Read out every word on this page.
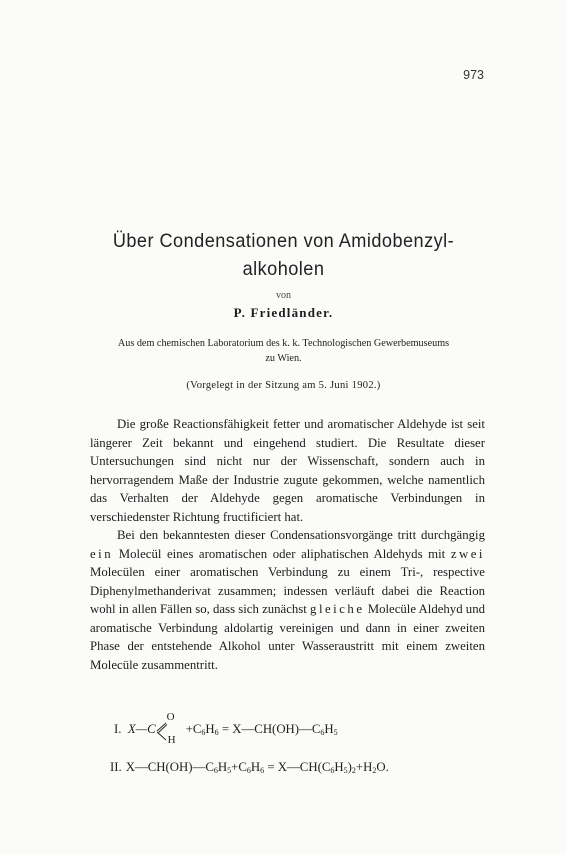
973
Über Condensationen von Amidobenzyl-
alkoholen
von
P. Friedländer.
Aus dem chemischen Laboratorium des k. k. Technologischen Gewerbemuseums
zu Wien.
(Vorgelegt in der Sitzung am 5. Juni 1902.)

Die große Reactionsfähigkeit fetter und aromatischer Aldehyde ist seit längerer Zeit bekannt und eingehend studiert. Die Resultate dieser Untersuchungen sind nicht nur der Wissenschaft, sondern auch in hervorragendem Maße der Industrie zugute gekommen, welche namentlich das Verhalten der Aldehyde gegen aromatische Verbindungen in verschiedenster Richtung fructificiert hat.

Bei den bekanntesten dieser Condensationsvorgänge tritt durchgängig ein Molecül eines aromatischen oder aliphatischen Aldehyds mit zwei Molecülen einer aromatischen Verbindung zu einem Tri-, respective Diphenylmethanderivat zusammen; indessen verläuft dabei die Reaction wohl in allen Fällen so, dass sich zunächst gleiche Molecüle Aldehyd und aromatische Verbindung aldolartig vereinigen und dann in einer zweiten Phase der entstehende Alkohol unter Wasseraustritt mit einem zweiten Molecüle zusammentritt.

I. X—C
O
H
$+C_6H_6$ = $X—CH(OH)—C_6H_5$
II. $X—CH(OH)—C_6H_5+C_6H_6$ = $X—CH(C_6H_5)_2+H_2O$.
